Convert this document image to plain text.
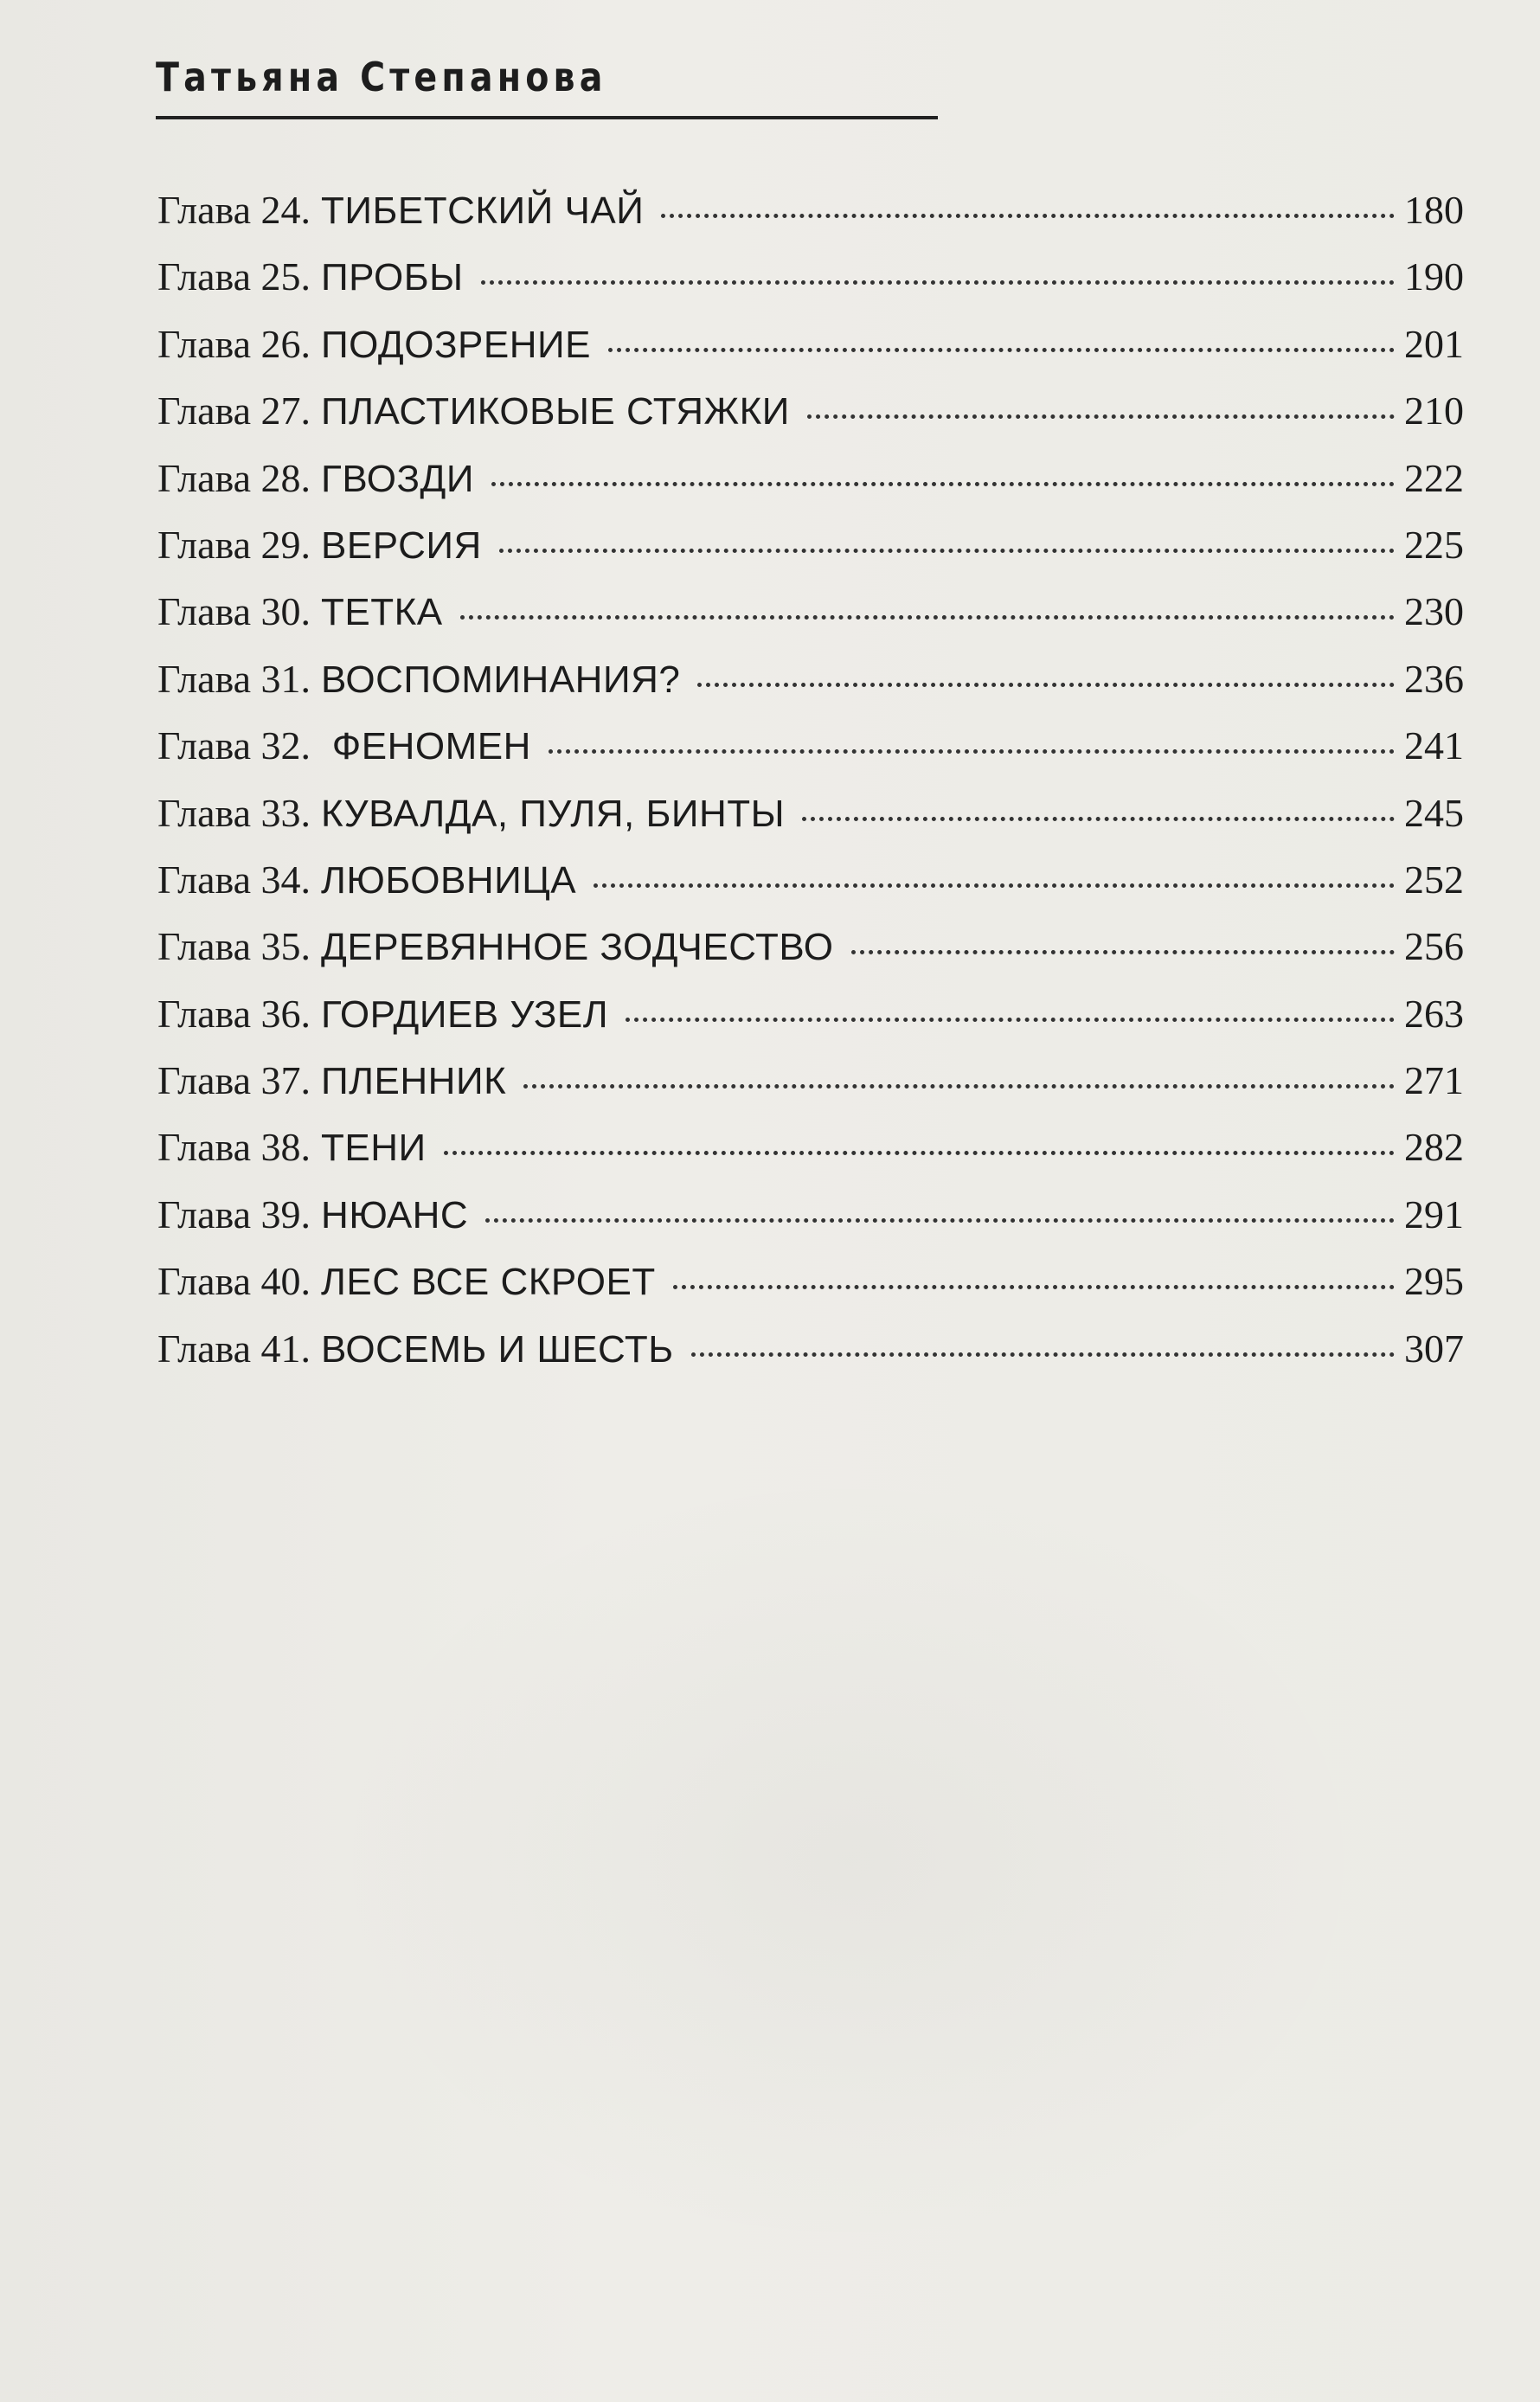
Татьяна Степанова
Глава 24. ТИБЕТСКИЙ ЧАЙ	180
Глава 25. ПРОБЫ	190
Глава 26. ПОДОЗРЕНИЕ	201
Глава 27. ПЛАСТИКОВЫЕ СТЯЖКИ	210
Глава 28. ГВОЗДИ	222
Глава 29. ВЕРСИЯ	225
Глава 30. ТЕТКА	230
Глава 31. ВОСПОМИНАНИЯ?	236
Глава 32. ФЕНОМЕН	241
Глава 33. КУВАЛДА, ПУЛЯ, БИНТЫ	245
Глава 34. ЛЮБОВНИЦА	252
Глава 35. ДЕРЕВЯННОЕ ЗОДЧЕСТВО	256
Глава 36. ГОРДИЕВ УЗЕЛ	263
Глава 37. ПЛЕННИК	271
Глава 38. ТЕНИ	282
Глава 39. НЮАНС	291
Глава 40. ЛЕС ВСЕ СКРОЕТ	295
Глава 41. ВОСЕМЬ И ШЕСТЬ	307
